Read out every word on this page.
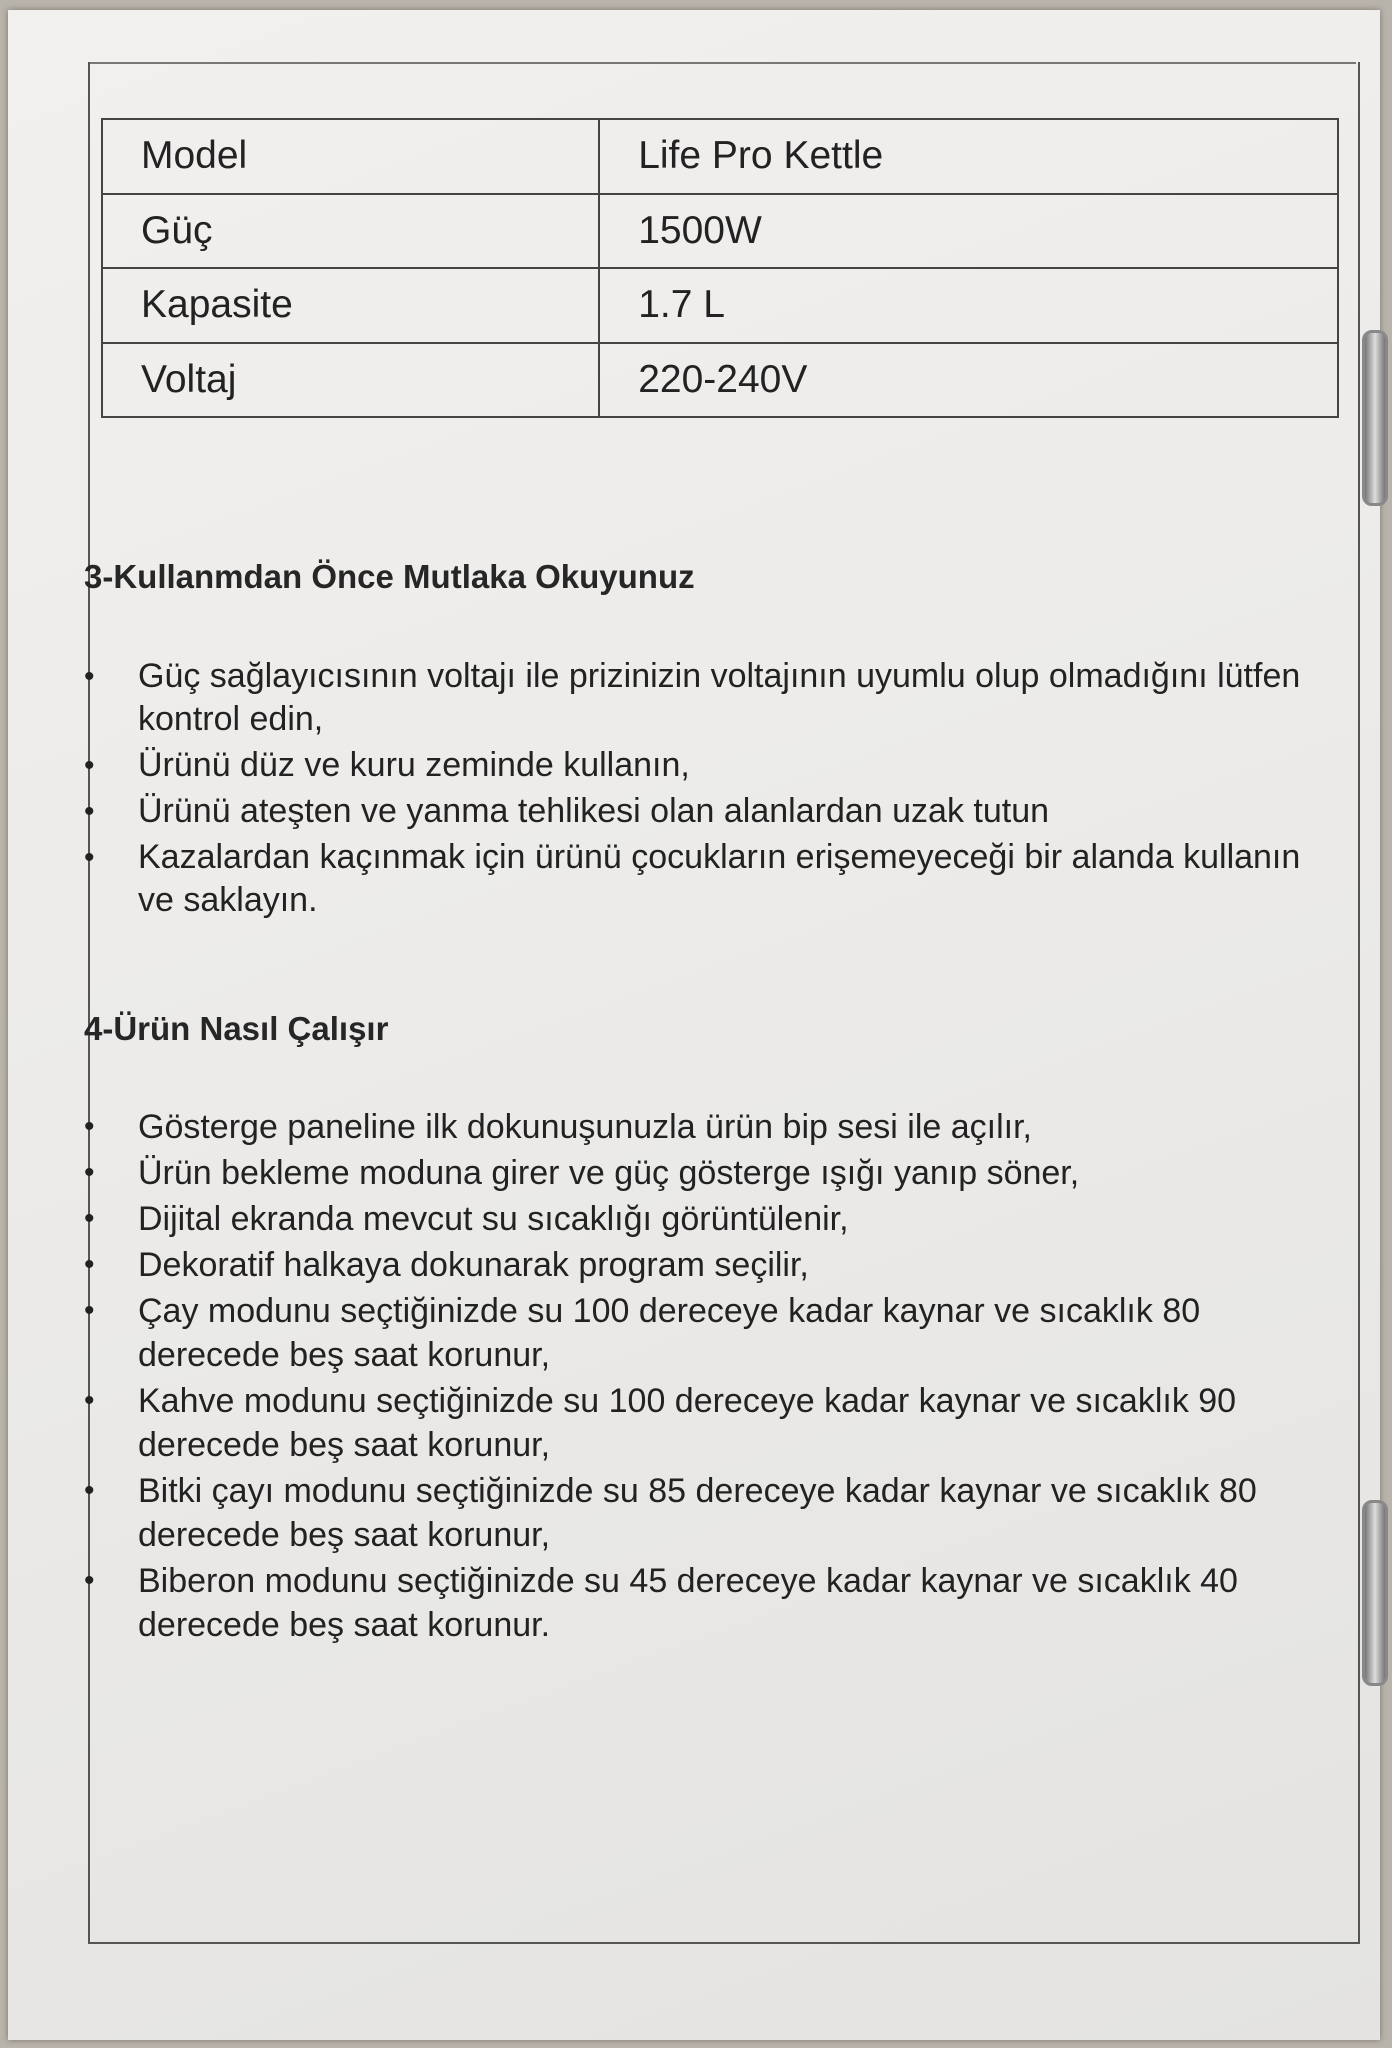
Model	Life Pro Kettle
Güç	1500W
Kapasite	1.7 L
Voltaj	220-240V
3-Kullanmdan Önce Mutlaka Okuyunuz
• Güç sağlayıcısının voltajı ile prizinizin voltajının uyumlu olup olmadığını lütfen kontrol edin,
• Ürünü düz ve kuru zeminde kullanın,
• Ürünü ateşten ve yanma tehlikesi olan alanlardan uzak tutun
• Kazalardan kaçınmak için ürünü çocukların erişemeyeceği bir alanda kullanın ve saklayın.
4-Ürün Nasıl Çalışır
• Gösterge paneline ilk dokunuşunuzla ürün bip sesi ile açılır,
• Ürün bekleme moduna girer ve güç gösterge ışığı yanıp söner,
• Dijital ekranda mevcut su sıcaklığı görüntülenir,
• Dekoratif halkaya dokunarak program seçilir,
• Çay modunu seçtiğinizde su 100 dereceye kadar kaynar ve sıcaklık 80 derecede beş saat korunur,
• Kahve modunu seçtiğinizde su 100 dereceye kadar kaynar ve sıcaklık 90 derecede beş saat korunur,
• Bitki çayı modunu seçtiğinizde su 85 dereceye kadar kaynar ve sıcaklık 80 derecede beş saat korunur,
• Biberon modunu seçtiğinizde su 45 dereceye kadar kaynar ve sıcaklık 40 derecede beş saat korunur.
